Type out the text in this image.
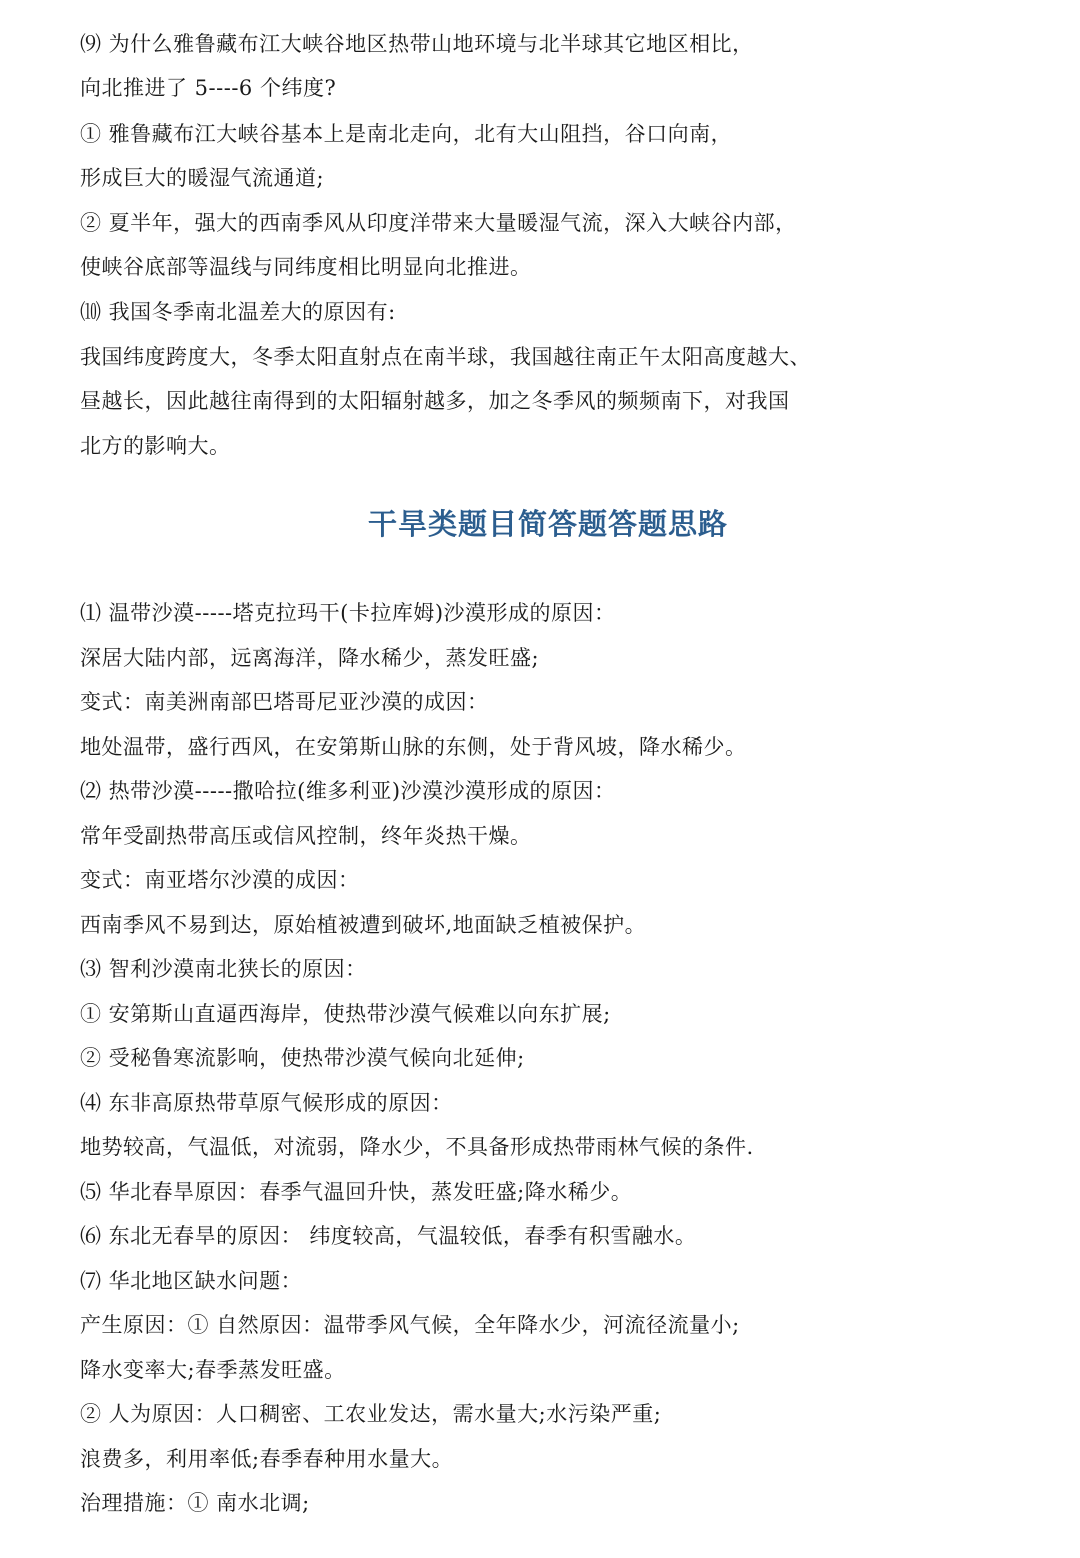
⑼ 为什么雅鲁藏布江大峡谷地区热带山地环境与北半球其它地区相比，
向北推进了 5----6 个纬度?
① 雅鲁藏布江大峡谷基本上是南北走向，北有大山阻挡，谷口向南，
形成巨大的暖湿气流通道;
② 夏半年，强大的西南季风从印度洋带来大量暖湿气流，深入大峡谷内部，
使峡谷底部等温线与同纬度相比明显向北推进。
⑽ 我国冬季南北温差大的原因有:
我国纬度跨度大，冬季太阳直射点在南半球，我国越往南正午太阳高度越大、
昼越长，因此越往南得到的太阳辐射越多，加之冬季风的频频南下，对我国
北方的影响大。
干旱类题目简答题答题思路
⑴ 温带沙漠-----塔克拉玛干(卡拉库姆)沙漠形成的原因：
深居大陆内部，远离海洋，降水稀少，蒸发旺盛;
变式：南美洲南部巴塔哥尼亚沙漠的成因：
地处温带，盛行西风，在安第斯山脉的东侧，处于背风坡，降水稀少。
⑵ 热带沙漠-----撒哈拉(维多利亚)沙漠沙漠形成的原因：
常年受副热带高压或信风控制，终年炎热干燥。
变式：南亚塔尔沙漠的成因：
西南季风不易到达，原始植被遭到破坏,地面缺乏植被保护。
⑶ 智利沙漠南北狭长的原因：
① 安第斯山直逼西海岸，使热带沙漠气候难以向东扩展;
② 受秘鲁寒流影响，使热带沙漠气候向北延伸;
⑷ 东非高原热带草原气候形成的原因：
地势较高，气温低，对流弱，降水少，不具备形成热带雨林气候的条件.
⑸ 华北春旱原因：春季气温回升快，蒸发旺盛;降水稀少。
⑹ 东北无春旱的原因： 纬度较高，气温较低，春季有积雪融水。
⑺ 华北地区缺水问题：
产生原因：① 自然原因：温带季风气候，全年降水少，河流径流量小;
降水变率大;春季蒸发旺盛。
② 人为原因：人口稠密、工农业发达，需水量大;水污染严重;
浪费多，利用率低;春季春种用水量大。
治理措施：① 南水北调;
